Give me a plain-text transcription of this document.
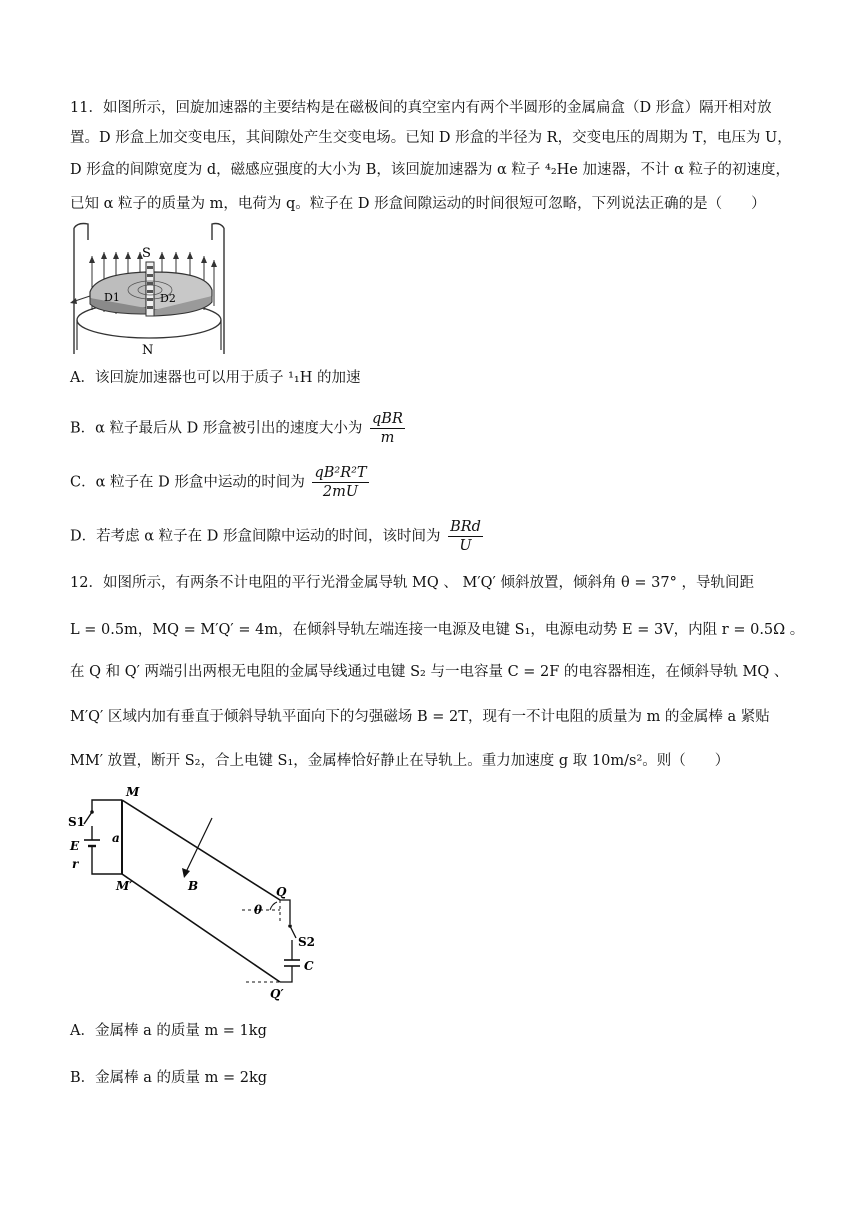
11．如图所示，回旋加速器的主要结构是在磁极间的真空室内有两个半圆形的金属扁盒（D 形盒）隔开相对放
置。D 形盒上加交变电压，其间隙处产生交变电场。已知 D 形盒的半径为 R，交变电压的周期为 T，电压为 U，
D 形盒的间隙宽度为 d，磁感应强度的大小为 B，该回旋加速器为 α 粒子 ⁴₂He 加速器，不计 α 粒子的初速度，
已知 α 粒子的质量为 m，电荷为 q。粒子在 D 形盒间隙运动的时间很短可忽略，下列说法正确的是（　　）
S
N
D1	D2
A．该回旋加速器也可以用于质子 ¹₁H 的加速
B．α 粒子最后从 D 形盒被引出的速度大小为 $\frac{\text{qBR}}{m}$
C．α 粒子在 D 形盒中运动的时间为 $\frac{\text{qB²R²T}}{2mU}$
D．若考虑 α 粒子在 D 形盒间隙中运动的时间，该时间为 $\frac{\text{BRd}}{U}$
12．如图所示，有两条不计电阻的平行光滑金属导轨 MQ 、 M′Q′ 倾斜放置，倾斜角 θ = 37° ，导轨间距
L = 0.5m，MQ = M′Q′ = 4m，在倾斜导轨左端连接一电源及电键 S₁，电源电动势 E = 3V，内阻 r = 0.5Ω 。
在 Q 和 Q′ 两端引出两根无电阻的金属导线通过电键 S₂ 与一电容量 C = 2F 的电容器相连，在倾斜导轨 MQ 、
M′Q′ 区域内加有垂直于倾斜导轨平面向下的匀强磁场 B = 2T，现有一不计电阻的质量为 m 的金属棒 a 紧贴
MM′ 放置，断开 S₂，合上电键 S₁，金属棒恰好静止在导轨上。重力加速度 g 取 10m/s²。则（　　）
M
M′	Q
Q′
S1
E
r
a
B
θ
S2
C
A．金属棒 a 的质量 m = 1kg
B．金属棒 a 的质量 m = 2kg
